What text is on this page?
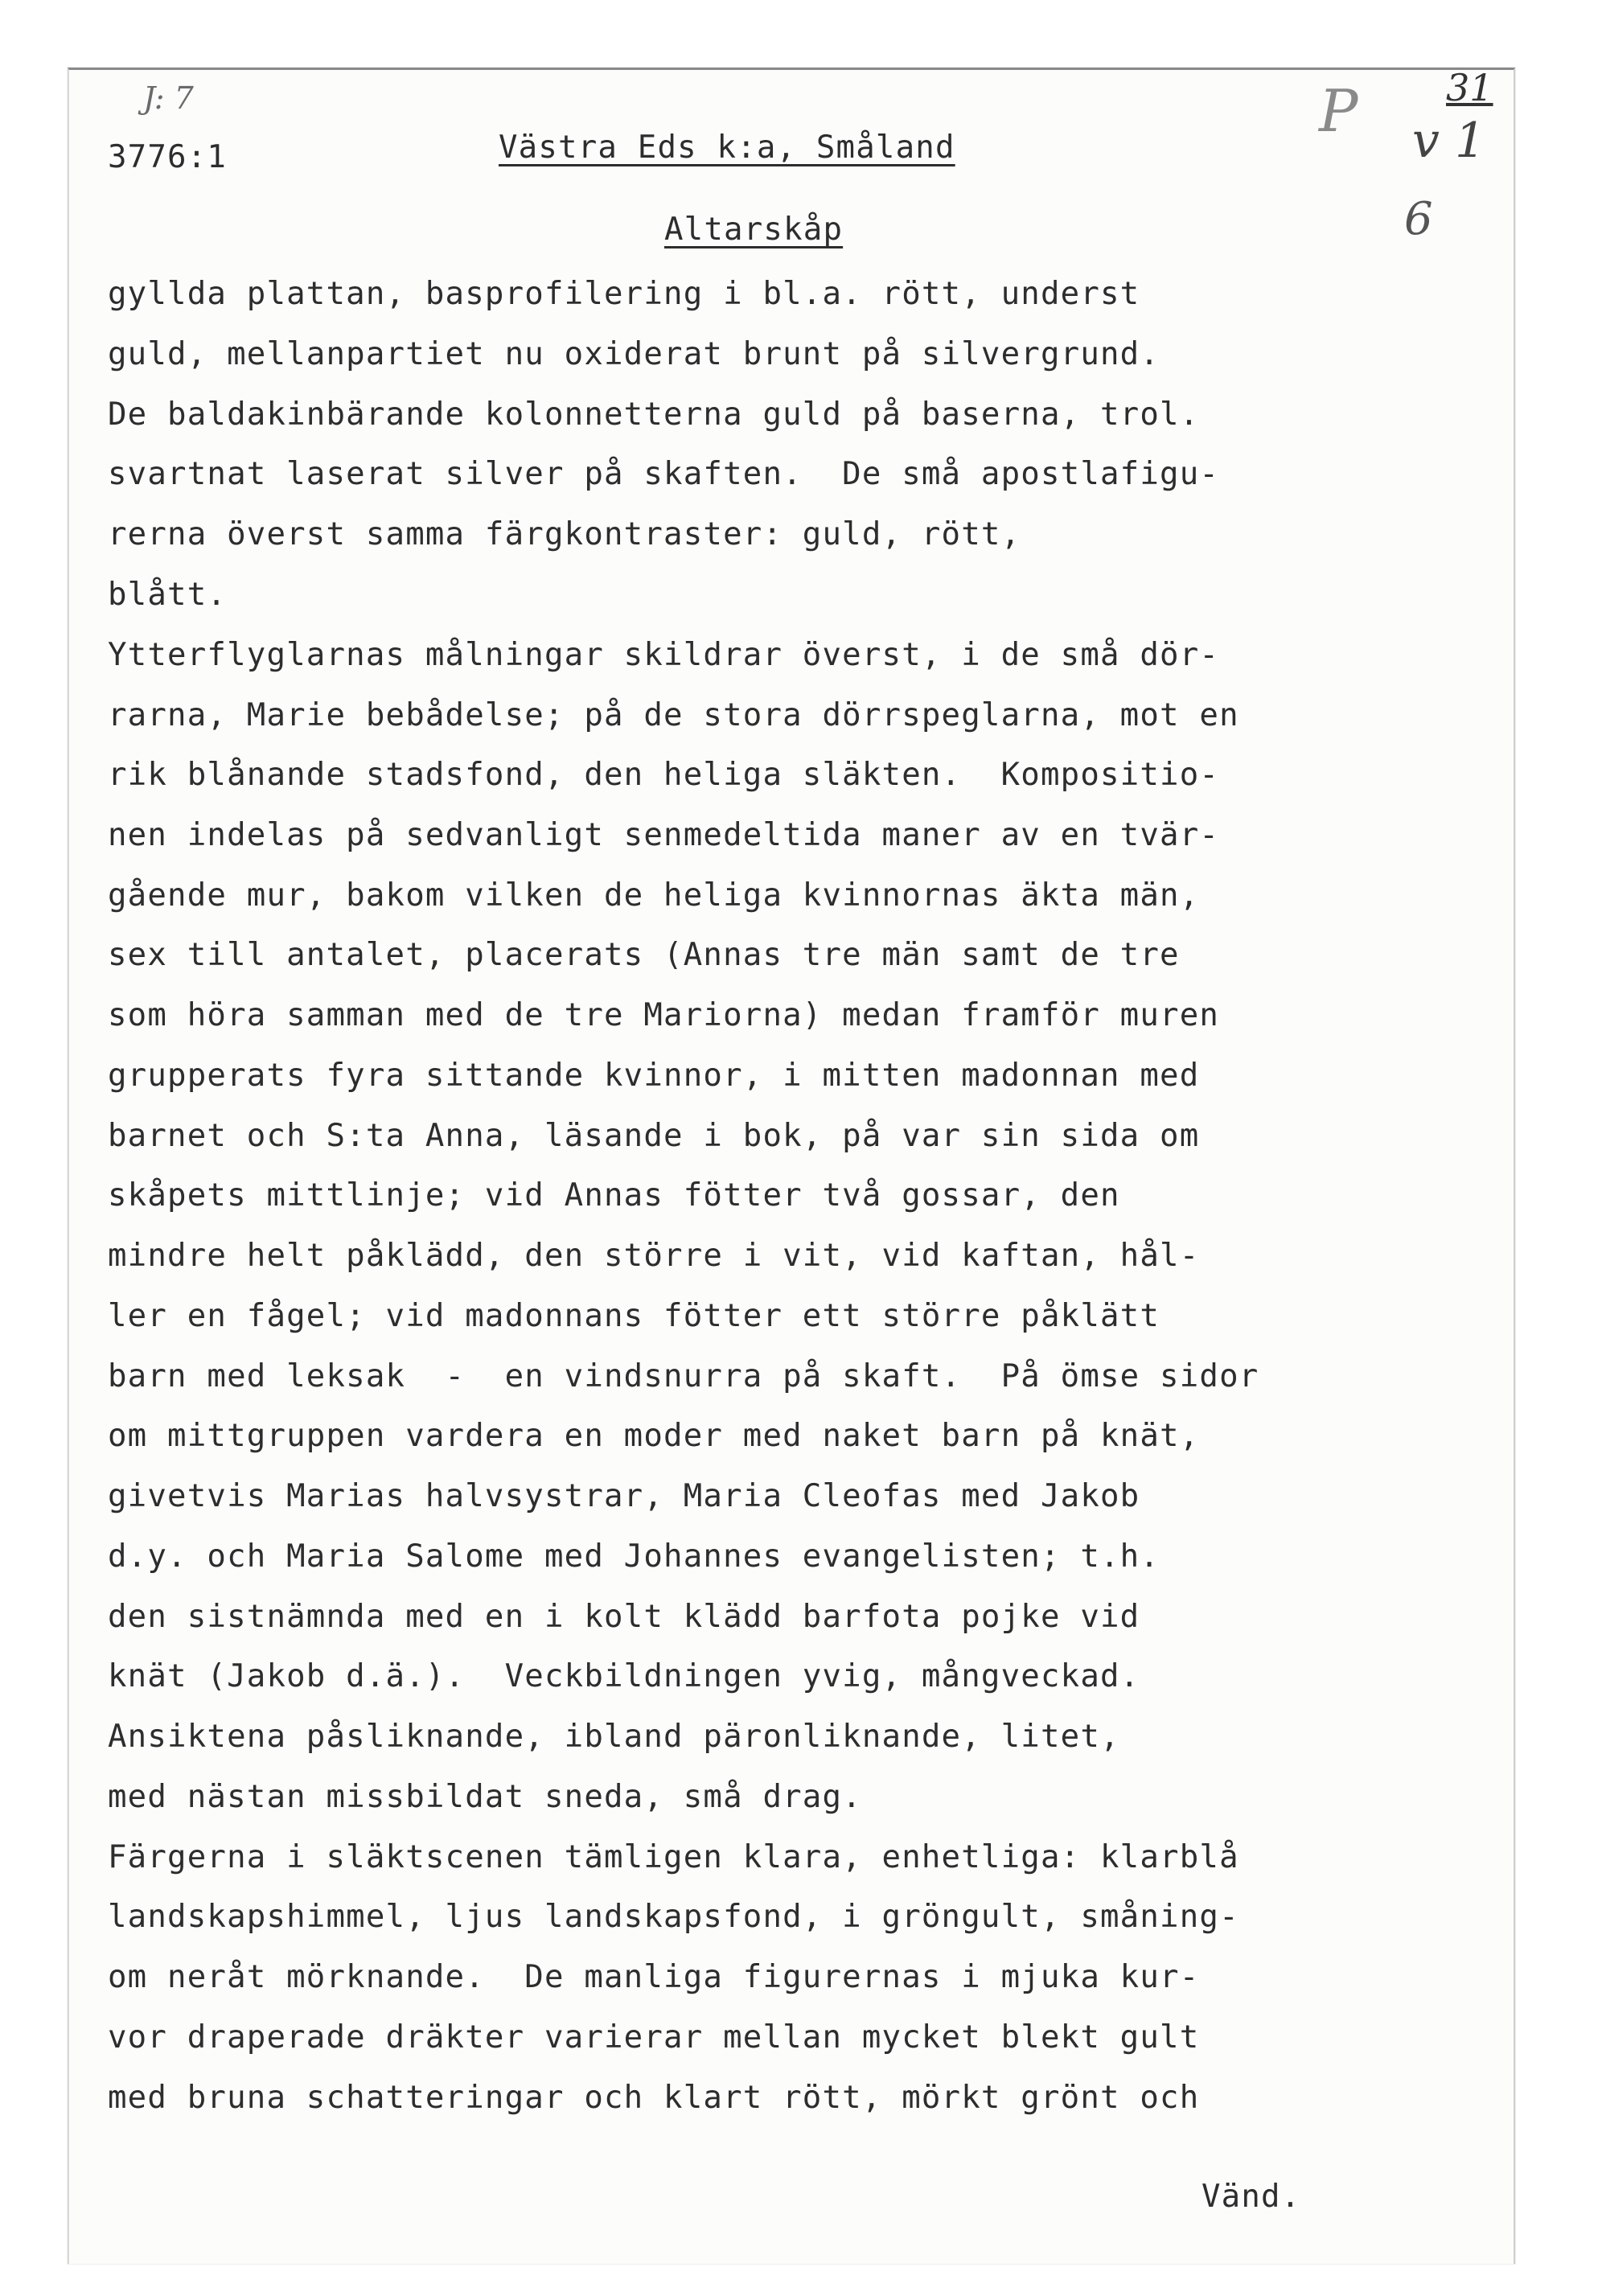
J: 7
3776:1	Västra Eds k:a, Småland
Altarskåp
P 31
v 1
6
gyllda plattan, basprofilering i bl.a. rött, underst
guld, mellanpartiet nu oxiderat brunt på silvergrund.
De baldakinbärande kolonnetterna guld på baserna, trol.
svartnat laserat silver på skaften.  De små apostlafigu-
rerna överst samma färgkontraster: guld, rött,
blått.
Ytterflyglarnas målningar skildrar överst, i de små dör-
rarna, Marie bebådelse; på de stora dörrspeglarna, mot en
rik blånande stadsfond, den heliga släkten.  Kompositio-
nen indelas på sedvanligt senmedeltida maner av en tvär-
gående mur, bakom vilken de heliga kvinnornas äkta män,
sex till antalet, placerats (Annas tre män samt de tre
som höra samman med de tre Mariorna) medan framför muren
grupperats fyra sittande kvinnor, i mitten madonnan med
barnet och S:ta Anna, läsande i bok, på var sin sida om
skåpets mittlinje; vid Annas fötter två gossar, den
mindre helt påklädd, den större i vit, vid kaftan, hål-
ler en fågel; vid madonnans fötter ett större påklätt
barn med leksak  -  en vindsnurra på skaft.  På ömse sidor
om mittgruppen vardera en moder med naket barn på knät,
givetvis Marias halvsystrar, Maria Cleofas med Jakob
d.y. och Maria Salome med Johannes evangelisten; t.h.
den sistnämnda med en i kolt klädd barfota pojke vid
knät (Jakob d.ä.).  Veckbildningen yvig, mångveckad.
Ansiktena påsliknande, ibland päronliknande, litet,
med nästan missbildat sneda, små drag.
Färgerna i släktscenen tämligen klara, enhetliga: klarblå
landskapshimmel, ljus landskapsfond, i gröngult, småning-
om neråt mörknande.  De manliga figurernas i mjuka kur-
vor draperade dräkter varierar mellan mycket blekt gult
med bruna schatteringar och klart rött, mörkt grönt och
Vänd.
